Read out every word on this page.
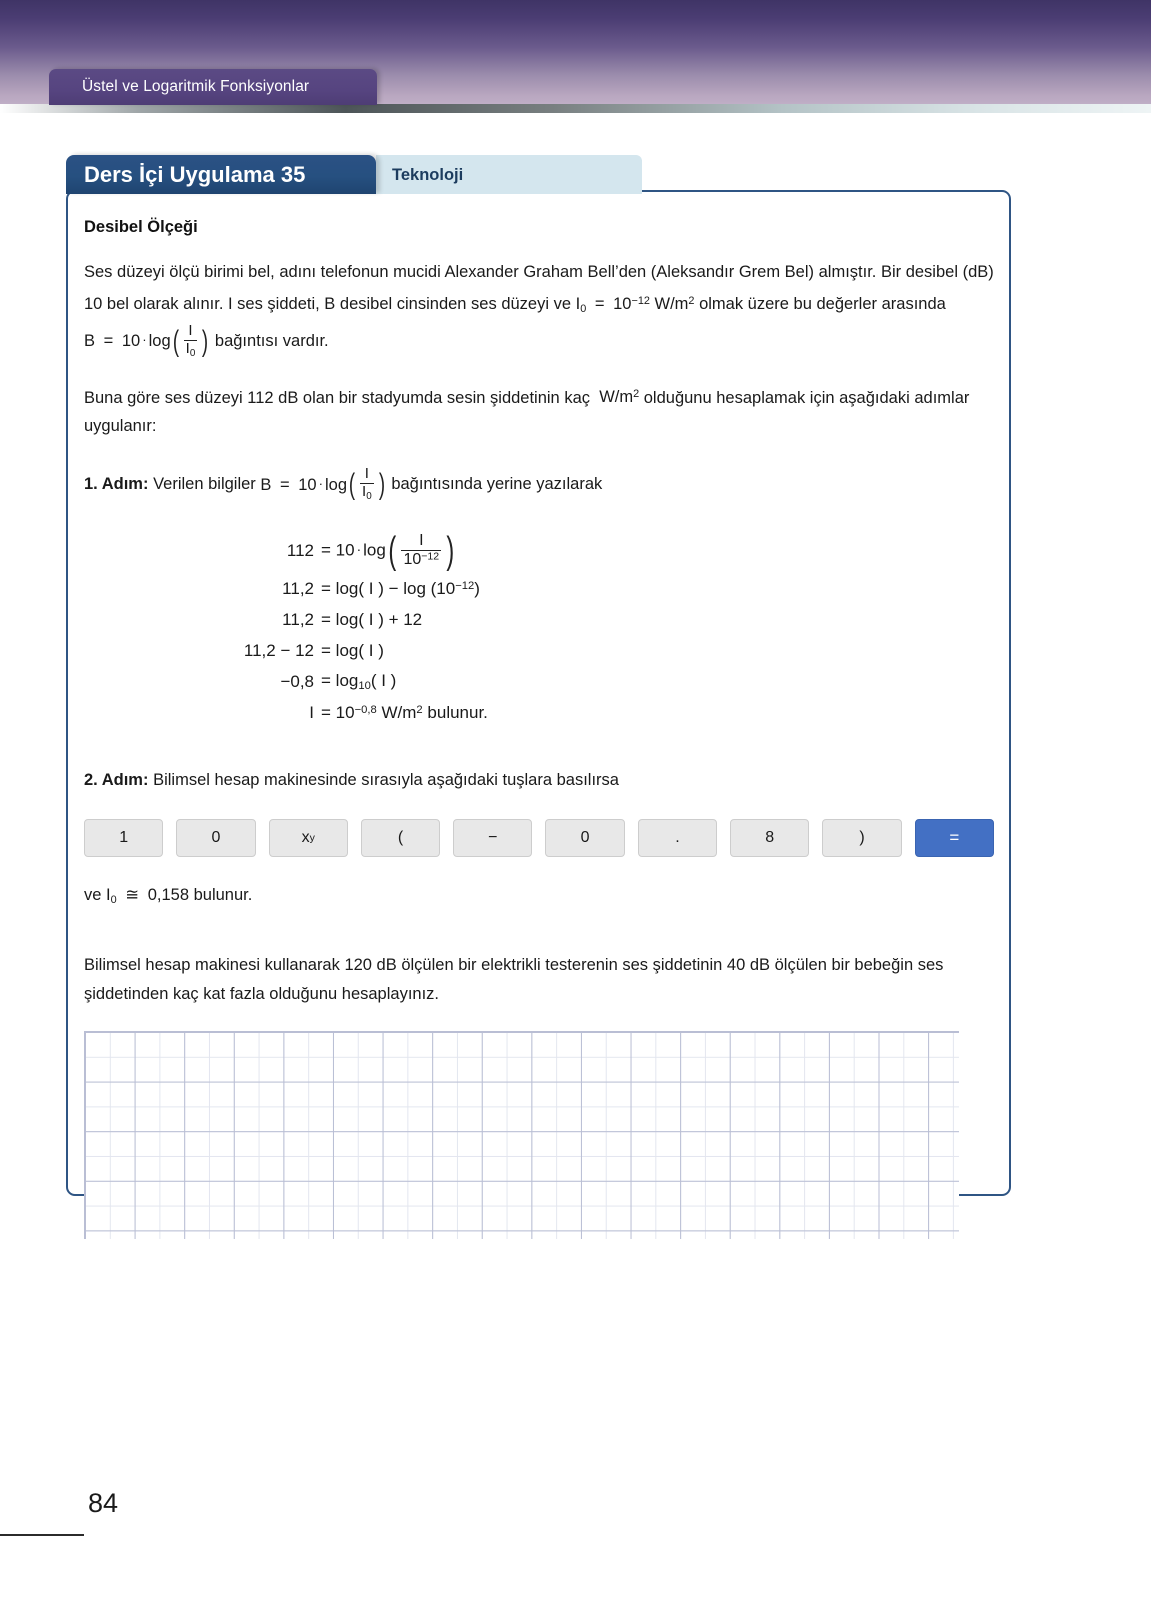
Üstel ve Logaritmik Fonksiyonlar
Teknoloji
Ders İçi Uygulama 35
Desibel Ölçeği

Ses düzeyi ölçü birimi bel, adını telefonun mucidi Alexander Graham Bell’den (Aleksandır Grem Bel) almıştır. Bir desibel (dB) 10 bel olarak alınır. I ses şiddeti, B desibel cinsinden ses düzeyi ve $I_0 = 10^{-12}$ $W/m^2$ olmak üzere bu değerler arasında $B = 10 \cdot \log( \frac{I}{I_0}$ ) bağıntısı vardır.

Buna göre ses düzeyi 112 dB olan bir stadyumda sesin şiddetinin kaç $W/m^2$ olduğunu hesaplamak için aşağıdaki adımlar uygulanır:

1. Adım: Verilen bilgiler $B = 10 \cdot \log( \frac{I}{I_0}$ ) bağıntısında yerine yazılarak

$112 = 10 \cdot \log( \frac{I}{10^{-12}}$ )
11,2 = log( I ) − $\log (10^{-12})$
11,2 = log( I ) + 12
11,2 − 12 = log( I )
$-0,8 = \log_{10}$( I )
$I = 10^{-0,8}$ $W/m^2$ bulunur.

2. Adım: Bilimsel hesap makinesinde sırasıyla aşağıdaki tuşlara basılırsa

1	0	x y	(	−	0	.	8	)	=

ve $I_0$ ≅ 0,158 bulunur.

Bilimsel hesap makinesi kullanarak 120 dB ölçülen bir elektrikli testerenin ses şiddetinin 40 dB ölçülen bir bebeğin ses şiddetinden kaç kat fazla olduğunu hesaplayınız.

84
